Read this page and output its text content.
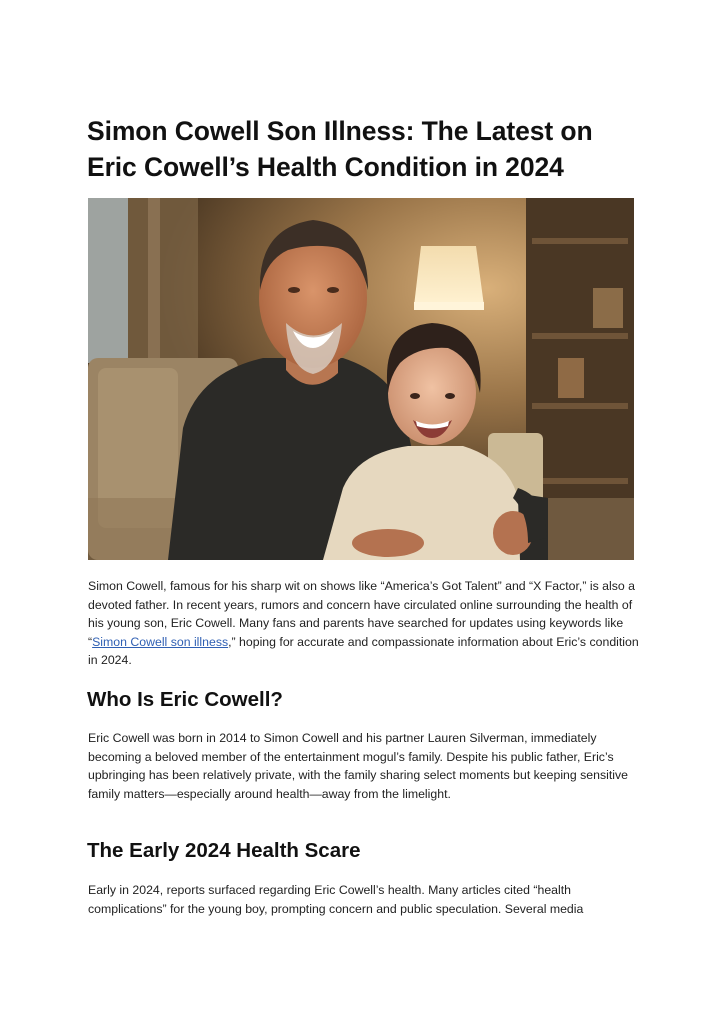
Simon Cowell Son Illness: The Latest on Eric Cowell’s Health Condition in 2024

Simon Cowell, famous for his sharp wit on shows like “America’s Got Talent” and “X Factor,” is also a devoted father. In recent years, rumors and concern have circulated online surrounding the health of his young son, Eric Cowell. Many fans and parents have searched for updates using keywords like “Simon Cowell son illness,” hoping for accurate and compassionate information about Eric’s condition in 2024.

Who Is Eric Cowell?

Eric Cowell was born in 2014 to Simon Cowell and his partner Lauren Silverman, immediately becoming a beloved member of the entertainment mogul’s family. Despite his public father, Eric’s upbringing has been relatively private, with the family sharing select moments but keeping sensitive family matters—especially around health—away from the limelight.

The Early 2024 Health Scare

Early in 2024, reports surfaced regarding Eric Cowell’s health. Many articles cited “health complications” for the young boy, prompting concern and public speculation. Several media
